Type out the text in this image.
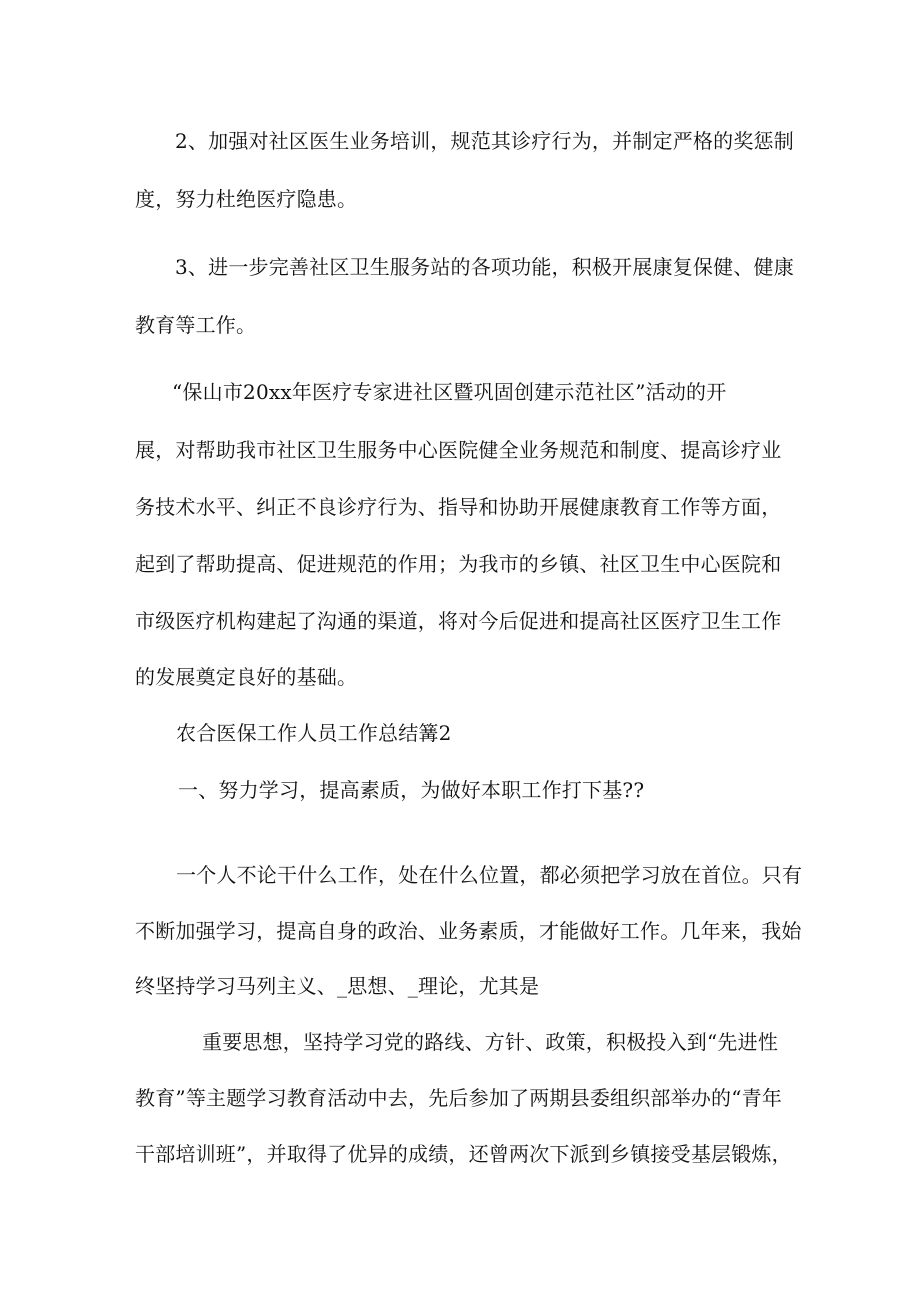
2、加强对社区医生业务培训，规范其诊疗行为，并制定严格的奖惩制
度，努力杜绝医疗隐患。
3、进一步完善社区卫生服务站的各项功能，积极开展康复保健、健康
教育等工作。
“保山市20xx年医疗专家进社区暨巩固创建示范社区”活动的开
展，对帮助我市社区卫生服务中心医院健全业务规范和制度、提高诊疗业
务技术水平、纠正不良诊疗行为、指导和协助开展健康教育工作等方面，
起到了帮助提高、促进规范的作用；为我市的乡镇、社区卫生中心医院和
市级医疗机构建起了沟通的渠道，将对今后促进和提高社区医疗卫生工作
的发展奠定良好的基础。
农合医保工作人员工作总结篝2
一、努力学习，提高素质，为做好本职工作打下基??
一个人不论干什么工作，处在什么位置，都必须把学习放在首位。只有
不断加强学习，提高自身的政治、业务素质，才能做好工作。几年来，我始
终坚持学习马列主义、_思想、_理论，尤其是
重要思想，坚持学习党的路线、方针、政策，积极投入到“先进性
教育”等主题学习教育活动中去，先后参加了两期县委组织部举办的“青年
干部培训班”，并取得了优异的成绩，还曾两次下派到乡镇接受基层锻炼，
